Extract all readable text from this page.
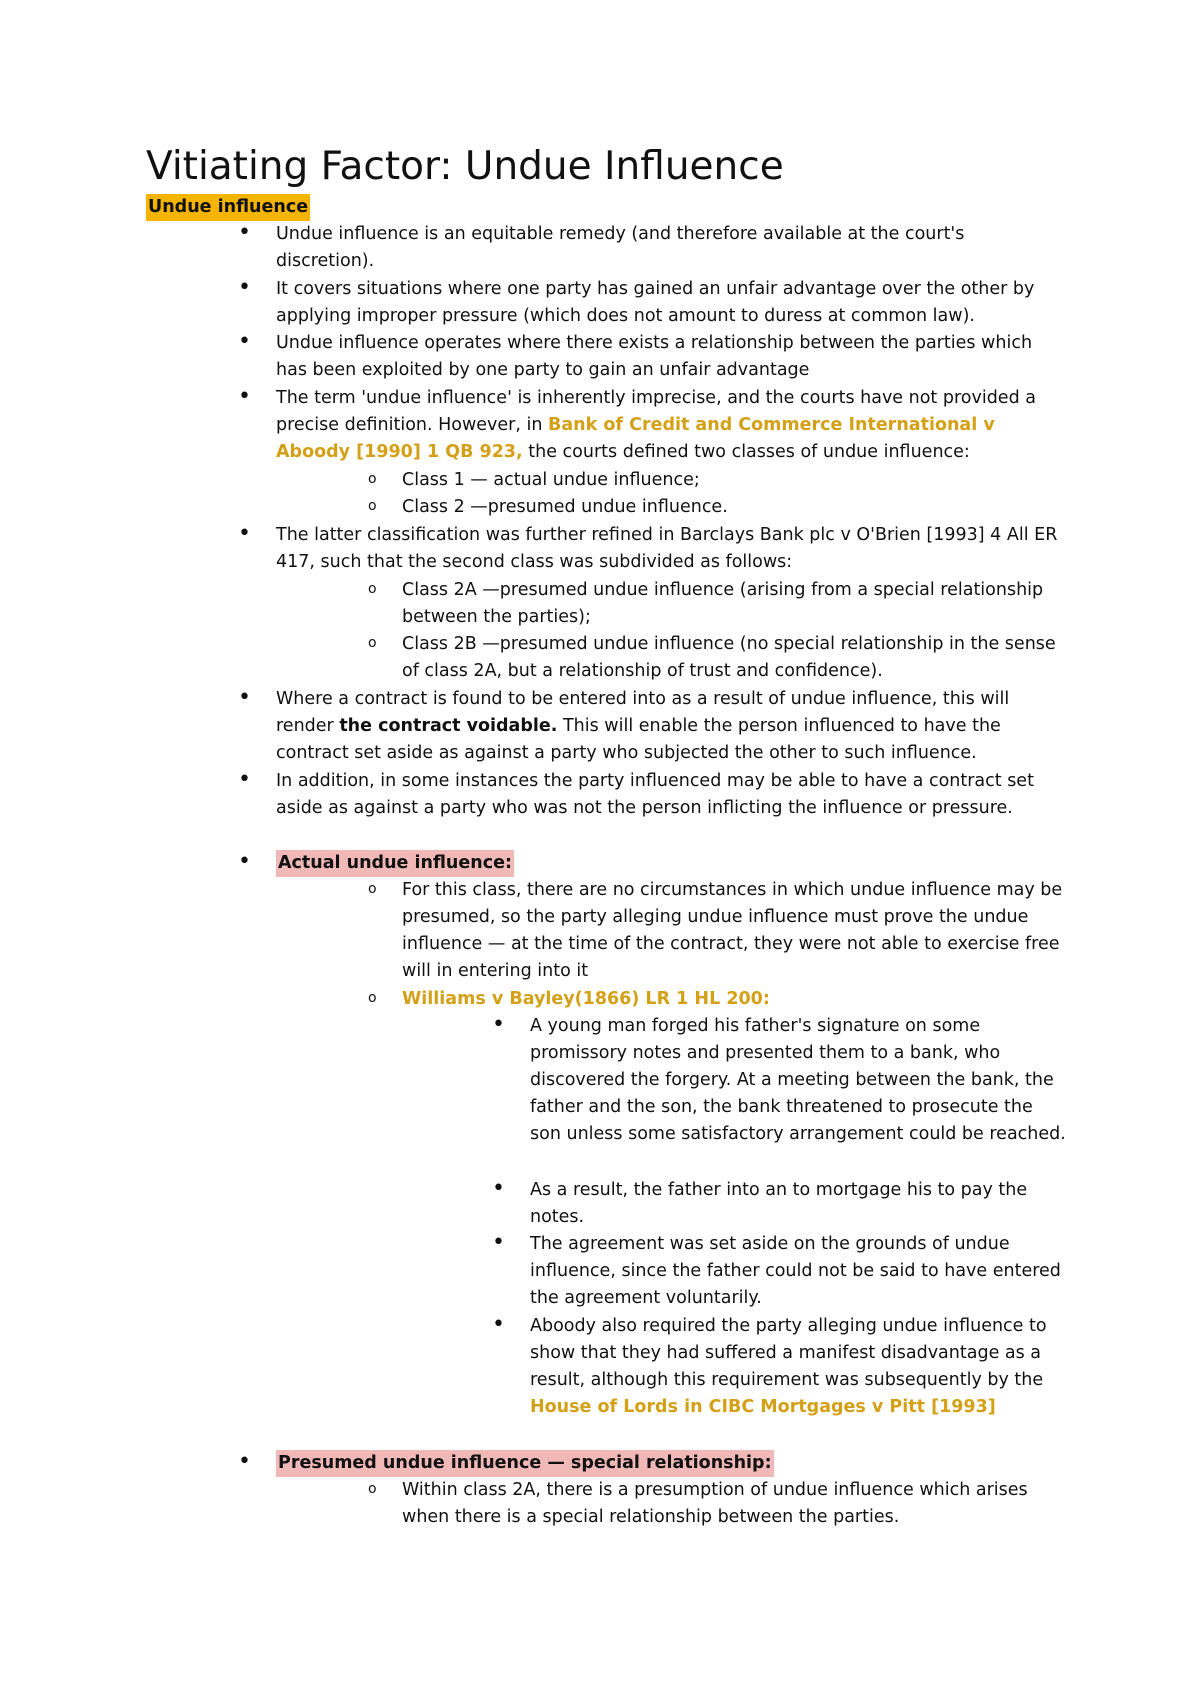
Vitiating Factor: Undue Influence
Undue influence
• Undue influence is an equitable remedy (and therefore available at the court's discretion).
• It covers situations where one party has gained an unfair advantage over the other by applying improper pressure (which does not amount to duress at common law).
• Undue influence operates where there exists a relationship between the parties which has been exploited by one party to gain an unfair advantage
• The term 'undue influence' is inherently imprecise, and the courts have not provided a precise definition. However, in Bank of Credit and Commerce International v Aboody [1990] 1 QB 923, the courts defined two classes of undue influence:
o Class 1 — actual undue influence;
o Class 2 —presumed undue influence.
• The latter classification was further refined in Barclays Bank plc v O'Brien [1993] 4 All ER 417, such that the second class was subdivided as follows:
o Class 2A —presumed undue influence (arising from a special relationship between the parties);
o Class 2B —presumed undue influence (no special relationship in the sense of class 2A, but a relationship of trust and confidence).
• Where a contract is found to be entered into as a result of undue influence, this will render the contract voidable. This will enable the person influenced to have the contract set aside as against a party who subjected the other to such influence.
• In addition, in some instances the party influenced may be able to have a contract set aside as against a party who was not the person inflicting the influence or pressure.
• Actual undue influence:
o For this class, there are no circumstances in which undue influence may be presumed, so the party alleging undue influence must prove the undue influence — at the time of the contract, they were not able to exercise free will in entering into it
o Williams v Bayley(1866) LR 1 HL 200:
• A young man forged his father's signature on some promissory notes and presented them to a bank, who discovered the forgery. At a meeting between the bank, the father and the son, the bank threatened to prosecute the son unless some satisfactory arrangement could be reached.
• As a result, the father into an to mortgage his to pay the notes.
• The agreement was set aside on the grounds of undue influence, since the father could not be said to have entered the agreement voluntarily.
• Aboody also required the party alleging undue influence to show that they had suffered a manifest disadvantage as a result, although this requirement was subsequently by the House of Lords in CIBC Mortgages v Pitt [1993]
• Presumed undue influence — special relationship:
o Within class 2A, there is a presumption of undue influence which arises when there is a special relationship between the parties.
